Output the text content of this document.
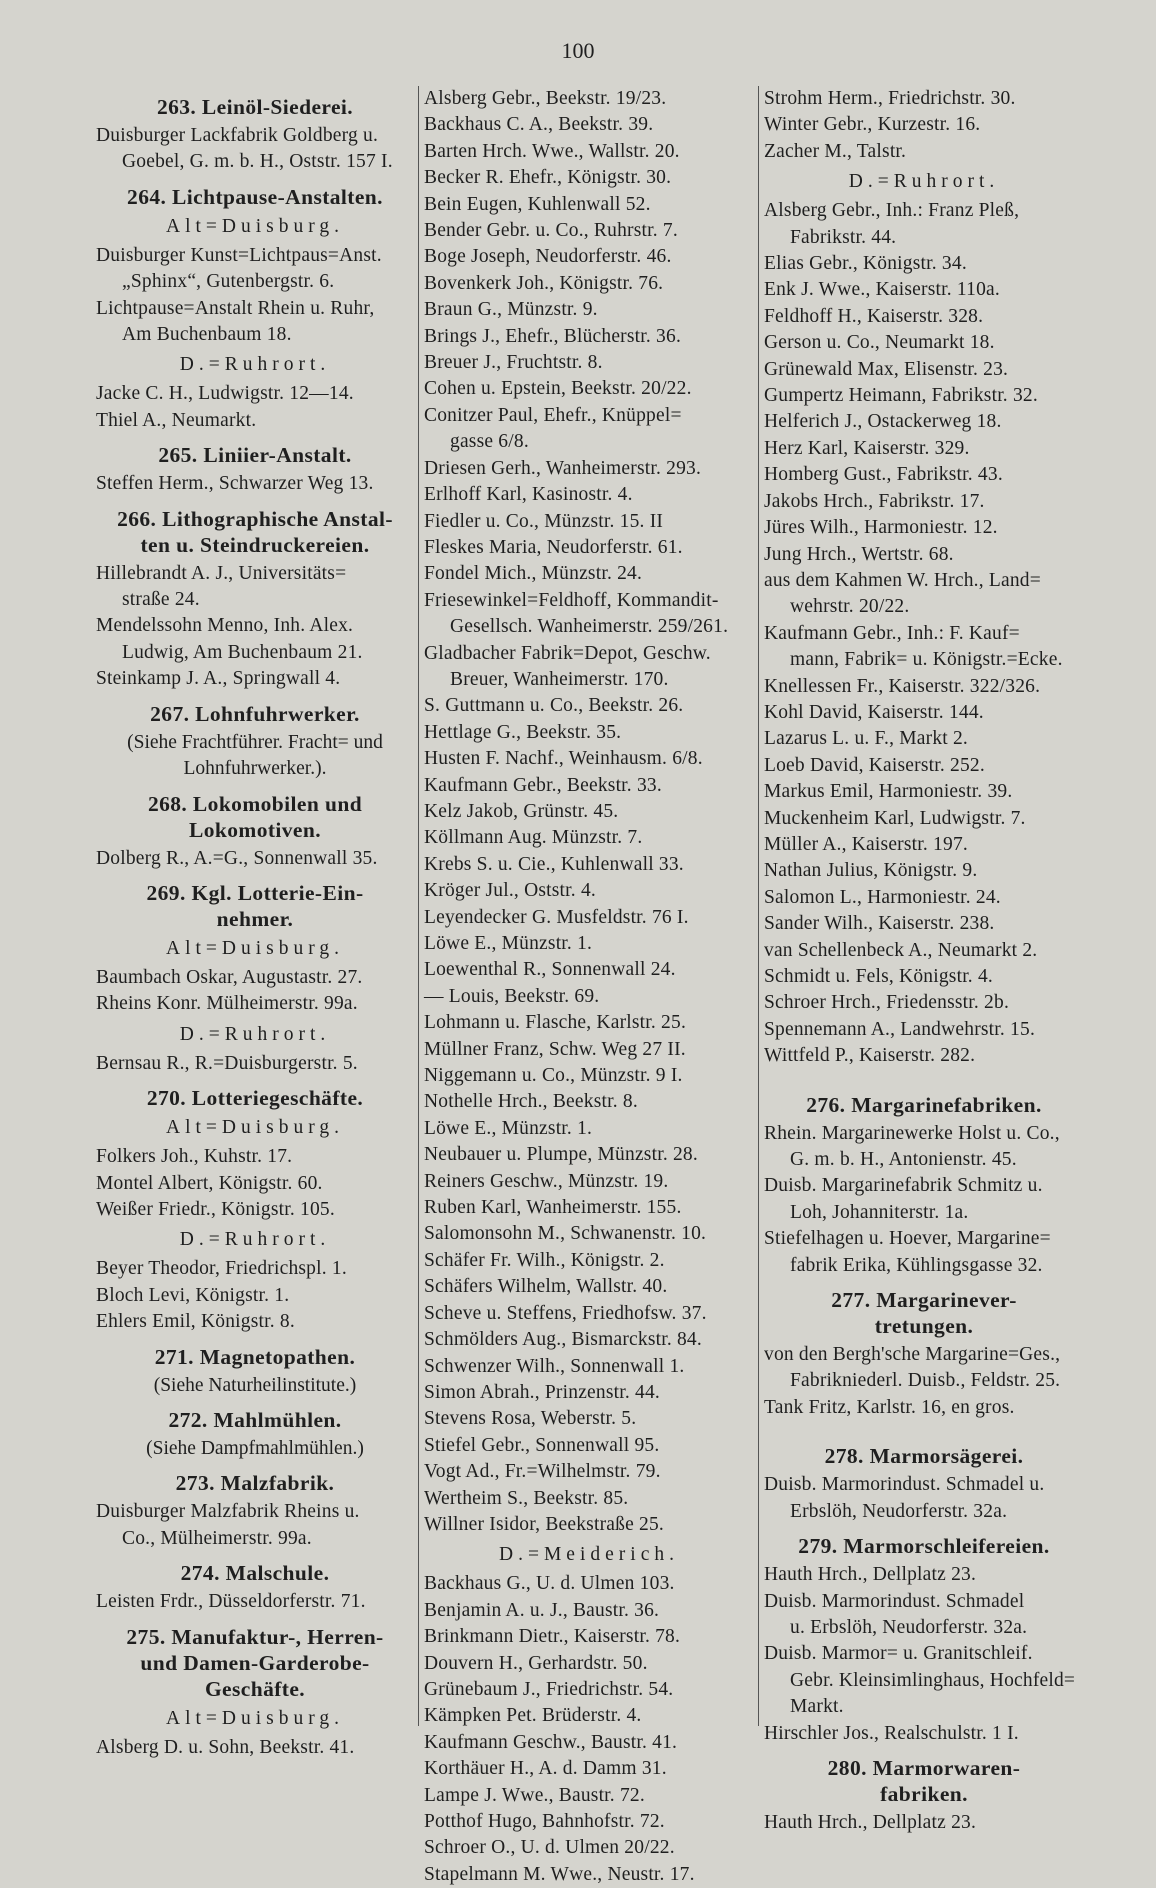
100
263. Leinöl-Siederei.
Duisburger Lackfabrik Goldberg u.
Goebel, G. m. b. H., Oststr. 157 I.
264. Lichtpause-Anstalten.
Alt=Duisburg.
Duisburger Kunst=Lichtpaus=Anst.
„Sphinx“, Gutenbergstr. 6.
Lichtpause=Anstalt Rhein u. Ruhr,
Am Buchenbaum 18.
D.=Ruhrort.
Jacke C. H., Ludwigstr. 12—14.
Thiel A., Neumarkt.
265. Liniier-Anstalt.
Steffen Herm., Schwarzer Weg 13.
266. Lithographische Anstal-
ten u. Steindruckereien.
Hillebrandt A. J., Universitäts=
straße 24.
Mendelssohn Menno, Inh. Alex.
Ludwig, Am Buchenbaum 21.
Steinkamp J. A., Springwall 4.
267. Lohnfuhrwerker.
(Siehe Frachtführer. Fracht= und
Lohnfuhrwerker.).
268. Lokomobilen und
Lokomotiven.
Dolberg R., A.=G., Sonnenwall 35.
269. Kgl. Lotterie-Ein-
nehmer.
Alt=Duisburg.
Baumbach Oskar, Augustastr. 27.
Rheins Konr. Mülheimerstr. 99a.
D.=Ruhrort.
Bernsau R., R.=Duisburgerstr. 5.
270. Lotteriegeschäfte.
Alt=Duisburg.
Folkers Joh., Kuhstr. 17.
Montel Albert, Königstr. 60.
Weißer Friedr., Königstr. 105.
D.=Ruhrort.
Beyer Theodor, Friedrichspl. 1.
Bloch Levi, Königstr. 1.
Ehlers Emil, Königstr. 8.
271. Magnetopathen.
(Siehe Naturheilinstitute.)
272. Mahlmühlen.
(Siehe Dampfmahlmühlen.)
273. Malzfabrik.
Duisburger Malzfabrik Rheins u.
Co., Mülheimerstr. 99a.
274. Malschule.
Leisten Frdr., Düsseldorferstr. 71.
275. Manufaktur-, Herren-
und Damen-Garderobe-
Geschäfte.
Alt=Duisburg.
Alsberg D. u. Sohn, Beekstr. 41.
Alsberg Gebr., Beekstr. 19/23.
Backhaus C. A., Beekstr. 39.
Barten Hrch. Wwe., Wallstr. 20.
Becker R. Ehefr., Königstr. 30.
Bein Eugen, Kuhlenwall 52.
Bender Gebr. u. Co., Ruhrstr. 7.
Boge Joseph, Neudorferstr. 46.
Bovenkerk Joh., Königstr. 76.
Braun G., Münzstr. 9.
Brings J., Ehefr., Blücherstr. 36.
Breuer J., Fruchtstr. 8.
Cohen u. Epstein, Beekstr. 20/22.
Conitzer Paul, Ehefr., Knüppel=
gasse 6/8.
Driesen Gerh., Wanheimerstr. 293.
Erlhoff Karl, Kasinostr. 4.
Fiedler u. Co., Münzstr. 15. II
Fleskes Maria, Neudorferstr. 61.
Fondel Mich., Münzstr. 24.
Friesewinkel=Feldhoff, Kommandit-
Gesellsch. Wanheimerstr. 259/261.
Gladbacher Fabrik=Depot, Geschw.
Breuer, Wanheimerstr. 170.
S. Guttmann u. Co., Beekstr. 26.
Hettlage G., Beekstr. 35.
Husten F. Nachf., Weinhausm. 6/8.
Kaufmann Gebr., Beekstr. 33.
Kelz Jakob, Grünstr. 45.
Köllmann Aug. Münzstr. 7.
Krebs S. u. Cie., Kuhlenwall 33.
Kröger Jul., Oststr. 4.
Leyendecker G. Musfeldstr. 76 I.
Löwe E., Münzstr. 1.
Loewenthal R., Sonnenwall 24.
— Louis, Beekstr. 69.
Lohmann u. Flasche, Karlstr. 25.
Müllner Franz, Schw. Weg 27 II.
Niggemann u. Co., Münzstr. 9 I.
Nothelle Hrch., Beekstr. 8.
Löwe E., Münzstr. 1.
Neubauer u. Plumpe, Münzstr. 28.
Reiners Geschw., Münzstr. 19.
Ruben Karl, Wanheimerstr. 155.
Salomonsohn M., Schwanenstr. 10.
Schäfer Fr. Wilh., Königstr. 2.
Schäfers Wilhelm, Wallstr. 40.
Scheve u. Steffens, Friedhofsw. 37.
Schmölders Aug., Bismarckstr. 84.
Schwenzer Wilh., Sonnenwall 1.
Simon Abrah., Prinzenstr. 44.
Stevens Rosa, Weberstr. 5.
Stiefel Gebr., Sonnenwall 95.
Vogt Ad., Fr.=Wilhelmstr. 79.
Wertheim S., Beekstr. 85.
Willner Isidor, Beekstraße 25.
D.=Meiderich.
Backhaus G., U. d. Ulmen 103.
Benjamin A. u. J., Baustr. 36.
Brinkmann Dietr., Kaiserstr. 78.
Douvern H., Gerhardstr. 50.
Grünebaum J., Friedrichstr. 54.
Kämpken Pet. Brüderstr. 4.
Kaufmann Geschw., Baustr. 41.
Korthäuer H., A. d. Damm 31.
Lampe J. Wwe., Baustr. 72.
Potthof Hugo, Bahnhofstr. 72.
Schroer O., U. d. Ulmen 20/22.
Stapelmann M. Wwe., Neustr. 17.
Strohm Herm., Friedrichstr. 30.
Winter Gebr., Kurzestr. 16.
Zacher M., Talstr.
D.=Ruhrort.
Alsberg Gebr., Inh.: Franz Pleß,
Fabrikstr. 44.
Elias Gebr., Königstr. 34.
Enk J. Wwe., Kaiserstr. 110a.
Feldhoff H., Kaiserstr. 328.
Gerson u. Co., Neumarkt 18.
Grünewald Max, Elisenstr. 23.
Gumpertz Heimann, Fabrikstr. 32.
Helferich J., Ostackerweg 18.
Herz Karl, Kaiserstr. 329.
Homberg Gust., Fabrikstr. 43.
Jakobs Hrch., Fabrikstr. 17.
Jüres Wilh., Harmoniestr. 12.
Jung Hrch., Wertstr. 68.
aus dem Kahmen W. Hrch., Land=
wehrstr. 20/22.
Kaufmann Gebr., Inh.: F. Kauf=
mann, Fabrik= u. Königstr.=Ecke.
Knellessen Fr., Kaiserstr. 322/326.
Kohl David, Kaiserstr. 144.
Lazarus L. u. F., Markt 2.
Loeb David, Kaiserstr. 252.
Markus Emil, Harmoniestr. 39.
Muckenheim Karl, Ludwigstr. 7.
Müller A., Kaiserstr. 197.
Nathan Julius, Königstr. 9.
Salomon L., Harmoniestr. 24.
Sander Wilh., Kaiserstr. 238.
van Schellenbeck A., Neumarkt 2.
Schmidt u. Fels, Königstr. 4.
Schroer Hrch., Friedensstr. 2b.
Spennemann A., Landwehrstr. 15.
Wittfeld P., Kaiserstr. 282.
276. Margarinefabriken.
Rhein. Margarinewerke Holst u. Co.,
G. m. b. H., Antonienstr. 45.
Duisb. Margarinefabrik Schmitz u.
Loh, Johanniterstr. 1a.
Stiefelhagen u. Hoever, Margarine=
fabrik Erika, Kühlingsgasse 32.
277. Margarinever-
tretungen.
von den Bergh'sche Margarine=Ges.,
Fabrikniederl. Duisb., Feldstr. 25.
Tank Fritz, Karlstr. 16, en gros.
278. Marmorsägerei.
Duisb. Marmorindust. Schmadel u.
Erbslöh, Neudorferstr. 32a.
279. Marmorschleifereien.
Hauth Hrch., Dellplatz 23.
Duisb. Marmorindust. Schmadel
u. Erbslöh, Neudorferstr. 32a.
Duisb. Marmor= u. Granitschleif.
Gebr. Kleinsimlinghaus, Hochfeld=
Markt.
Hirschler Jos., Realschulstr. 1 I.
280. Marmorwaren-
fabriken.
Hauth Hrch., Dellplatz 23.
